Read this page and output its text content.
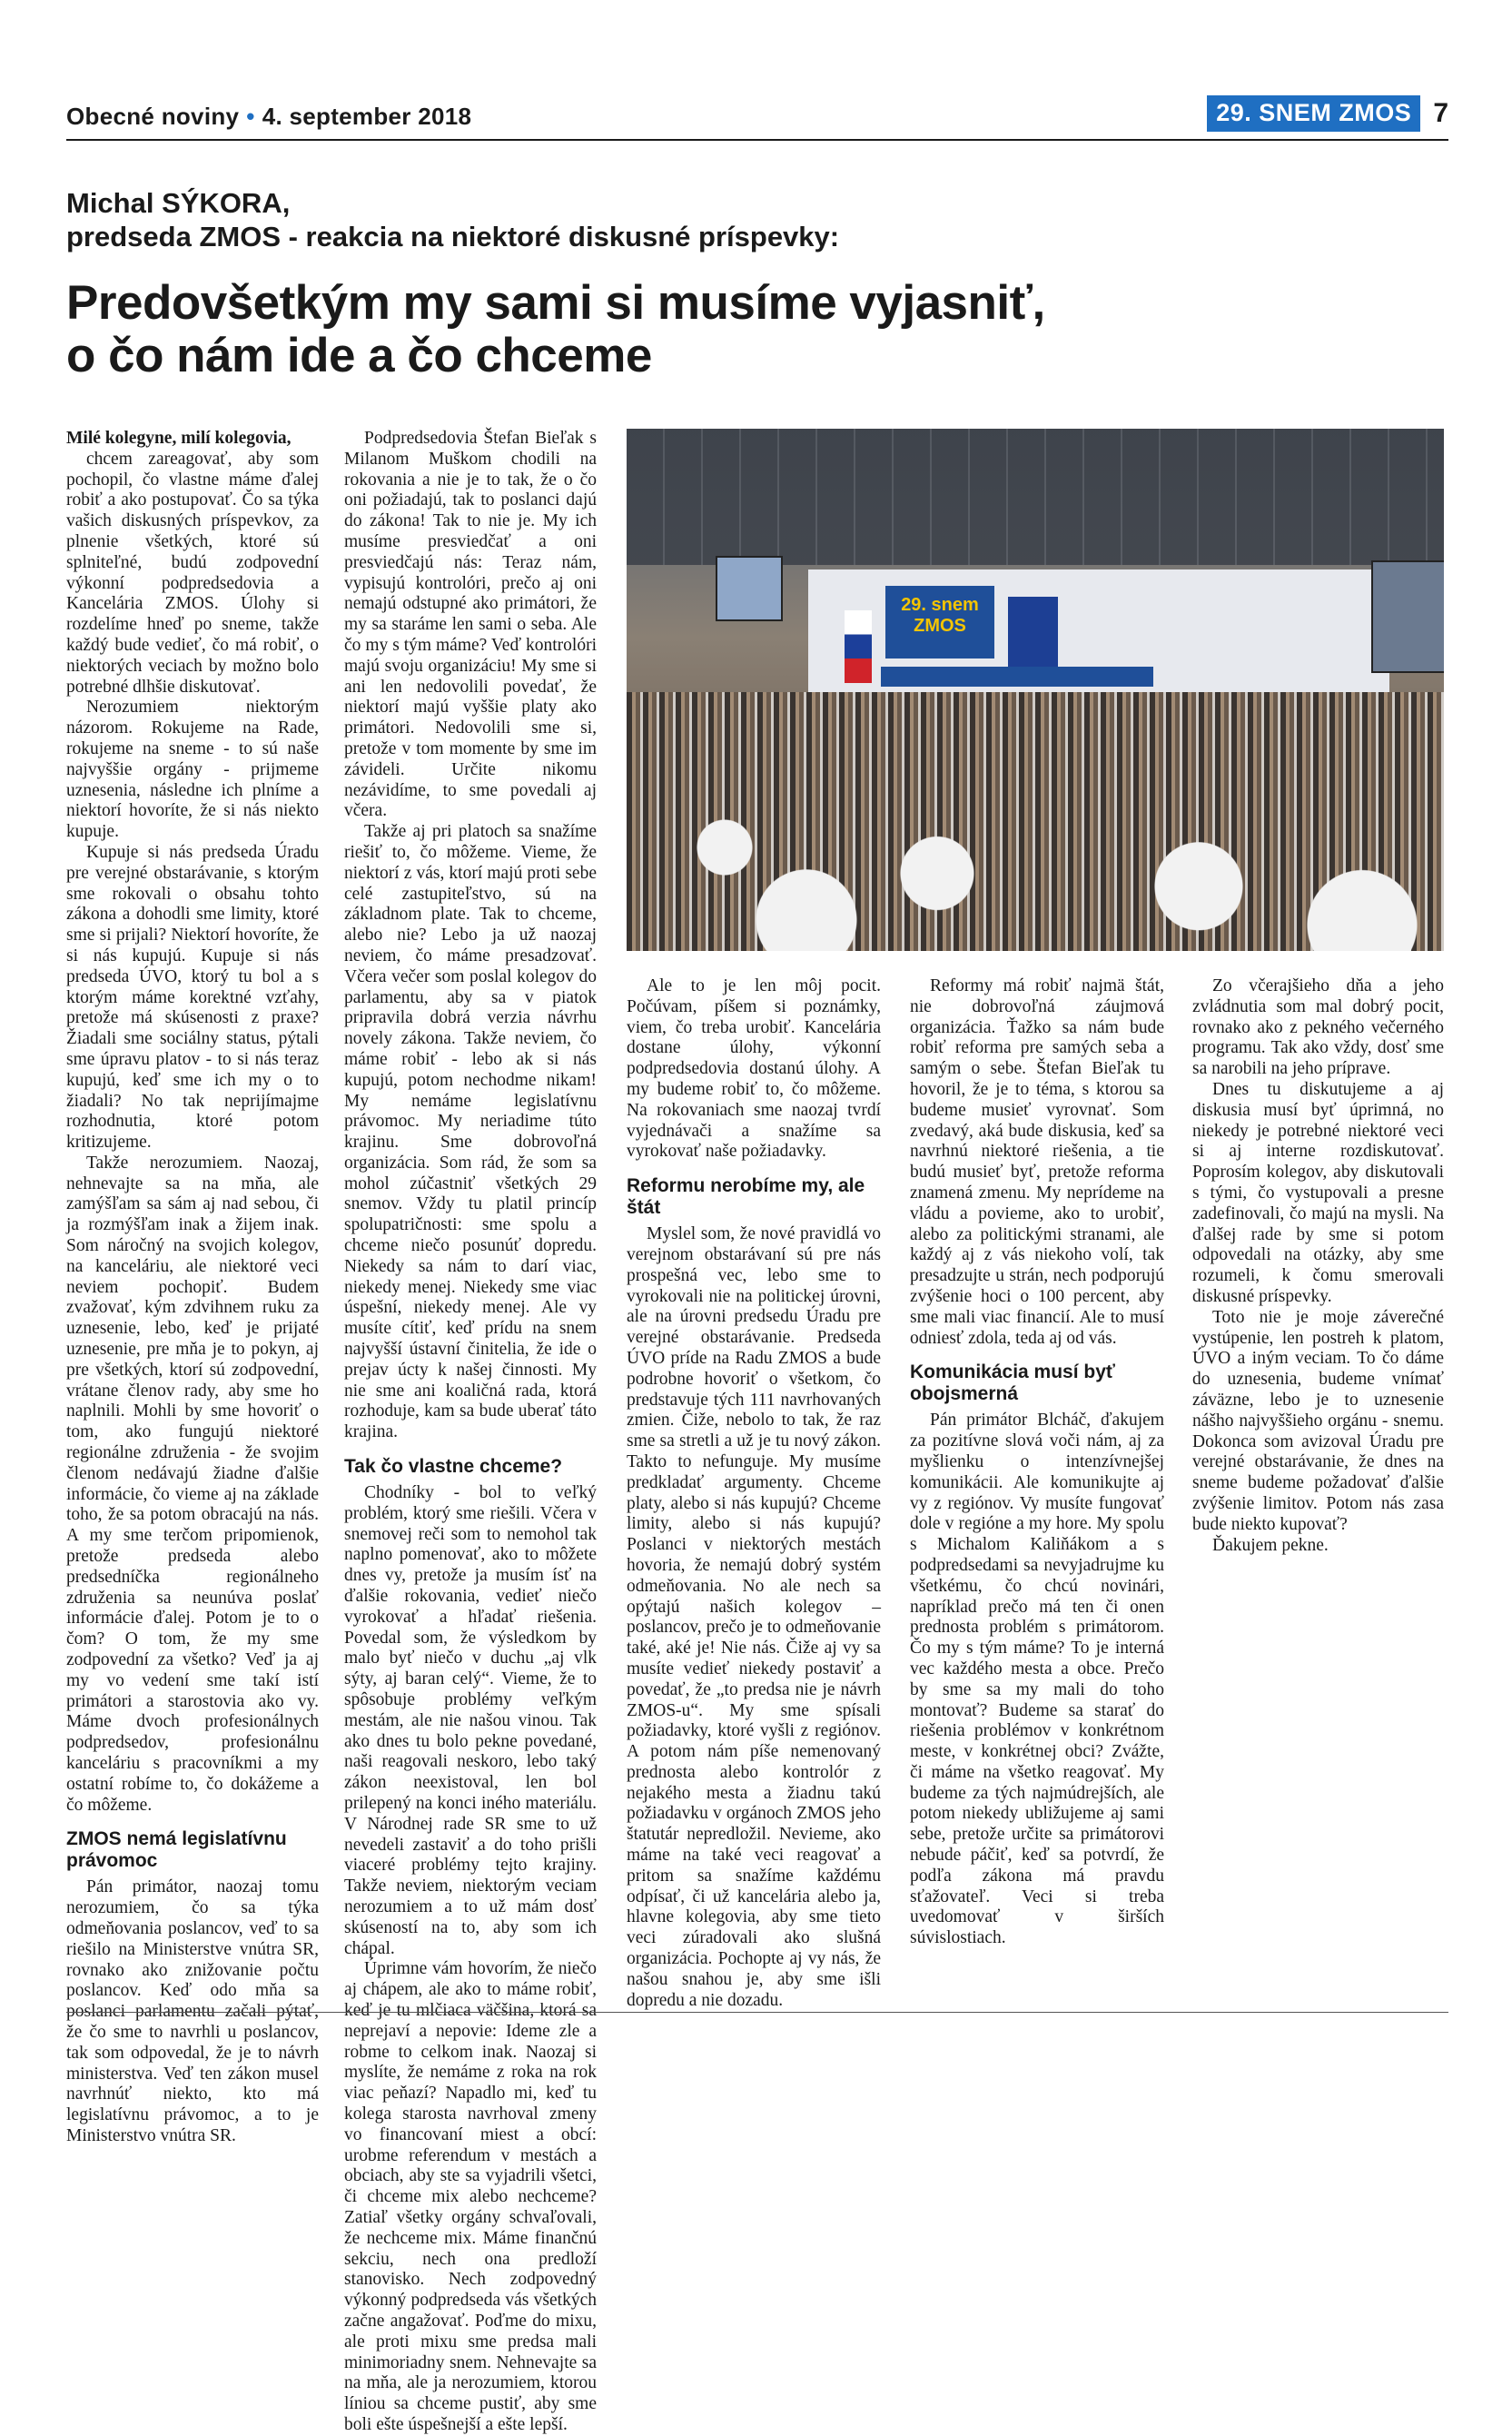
Obecné noviny • 4. september 2018	29. SNEM ZMOS 7
Michal SÝKORA,
predseda ZMOS - reakcia na niektoré diskusné príspevky:
Predovšetkým my sami si musíme vyjasniť,
o čo nám ide a čo chceme
29. snem ZMOS

Milé kolegyne, milí kolegovia,

chcem zareagovať, aby som pochopil, čo vlastne máme ďalej robiť a ako postupovať. Čo sa týka vašich diskusných príspevkov, za plnenie všetkých, ktoré sú splniteľné, budú zodpovední výkonní podpredsedovia a Kancelária ZMOS. Úlohy si rozdelíme hneď po sneme, takže každý bude vedieť, čo má robiť, o niektorých veciach by možno bolo potrebné dlhšie diskutovať.

Nerozumiem niektorým názorom. Rokujeme na Rade, rokujeme na sneme - to sú naše najvyššie orgány - prijmeme uznesenia, následne ich plníme a niektorí hovoríte, že si nás niekto kupuje.

Kupuje si nás predseda Úradu pre verejné obstarávanie, s ktorým sme rokovali o obsahu tohto zákona a dohodli sme limity, ktoré sme si prijali? Niektorí hovoríte, že si nás kupujú. Kupuje si nás predseda ÚVO, ktorý tu bol a s ktorým máme korektné vzťahy, pretože má skúsenosti z praxe? Žiadali sme sociálny status, pýtali sme úpravu platov - to si nás teraz kupujú, keď sme ich my o to žiadali? No tak neprijímajme rozhodnutia, ktoré potom kritizujeme.

Takže nerozumiem. Naozaj, nehnevajte sa na mňa, ale zamýšľam sa sám aj nad sebou, či ja rozmýšľam inak a žijem inak. Som náročný na svojich kolegov, na kanceláriu, ale niektoré veci neviem pochopiť. Budem zvažovať, kým zdvihnem ruku za uznesenie, lebo, keď je prijaté uznesenie, pre mňa je to pokyn, aj pre všetkých, ktorí sú zodpovední, vrátane členov rady, aby sme ho naplnili. Mohli by sme hovoriť o tom, ako fungujú niektoré regionálne združenia - že svojim členom nedávajú žiadne ďalšie informácie, čo vieme aj na základe toho, že sa potom obracajú na nás. A my sme terčom pripomienok, pretože predseda alebo predsedníčka regionálneho združenia sa neunúva poslať informácie ďalej. Potom je to o čom? O tom, že my sme zodpovední za všetko? Veď ja aj my vo vedení sme takí istí primátori a starostovia ako vy. Máme dvoch profesionálnych podpredsedov, profesionálnu kanceláriu s pracovníkmi a my ostatní robíme to, čo dokážeme a čo môžeme.

ZMOS nemá legislatívnu právomoc

Pán primátor, naozaj tomu nerozumiem, čo sa týka odmeňovania poslancov, veď to sa riešilo na Ministerstve vnútra SR, rovnako ako znižovanie počtu poslancov. Keď odo mňa sa poslanci parlamentu začali pýtať, že čo sme to navrhli u poslancov, tak som odpovedal, že je to návrh ministerstva. Veď ten zákon musel navrhnúť niekto, kto má legislatívnu právomoc, a to je Ministerstvo vnútra SR.

Podpredsedovia Štefan Bieľak s Milanom Muškom chodili na rokovania a nie je to tak, že o čo oni požiadajú, tak to poslanci dajú do zákona! Tak to nie je. My ich musíme presviedčať a oni presviedčajú nás: Teraz nám, vypisujú kontrolóri, prečo aj oni nemajú odstupné ako primátori, že my sa staráme len sami o seba. Ale čo my s tým máme? Veď kontrolóri majú svoju organizáciu! My sme si ani len nedovolili povedať, že niektorí majú vyššie platy ako primátori. Nedovolili sme si, pretože v tom momente by sme im závideli. Určite nikomu nezávidíme, to sme povedali aj včera.

Takže aj pri platoch sa snažíme riešiť to, čo môžeme. Vieme, že niektorí z vás, ktorí majú proti sebe celé zastupiteľstvo, sú na základnom plate. Tak to chceme, alebo nie? Lebo ja už naozaj neviem, čo máme presadzovať. Včera večer som poslal kolegov do parlamentu, aby sa v piatok pripravila dobrá verzia návrhu novely zákona. Takže neviem, čo máme robiť - lebo ak si nás kupujú, potom nechodme nikam! My nemáme legislatívnu právomoc. My neriadime túto krajinu. Sme dobrovoľná organizácia. Som rád, že som sa mohol zúčastniť všetkých 29 snemov. Vždy tu platil princíp spolupatričnosti: sme spolu a chceme niečo posunúť dopredu. Niekedy sa nám to darí viac, niekedy menej. Niekedy sme viac úspešní, niekedy menej. Ale vy musíte cítiť, keď prídu na snem najvyšší ústavní činitelia, že ide o prejav úcty k našej činnosti. My nie sme ani koaličná rada, ktorá rozhoduje, kam sa bude uberať táto krajina.

Tak čo vlastne chceme?

Chodníky - bol to veľký problém, ktorý sme riešili. Včera v snemovej reči som to nemohol tak naplno pomenovať, ako to môžete dnes vy, pretože ja musím ísť na ďalšie rokovania, vedieť niečo vyrokovať a hľadať riešenia. Povedal som, že výsledkom by malo byť niečo v duchu „aj vlk sýty, aj baran celý“. Vieme, že to spôsobuje problémy veľkým mestám, ale nie našou vinou. Tak ako dnes tu bolo pekne povedané, naši reagovali neskoro, lebo taký zákon neexistoval, len bol prilepený na konci iného materiálu. V Národnej rade SR sme to už nevedeli zastaviť a do toho prišli viaceré problémy tejto krajiny. Takže neviem, niektorým veciam nerozumiem a to už mám dosť skúseností na to, aby som ich chápal.

Úprimne vám hovorím, že niečo aj chápem, ale ako to máme robiť, keď je tu mlčiaca väčšina, ktorá sa neprejaví a nepovie: Ideme zle a robme to celkom inak. Naozaj si myslíte, že nemáme z roka na rok viac peňazí? Napadlo mi, keď tu kolega starosta navrhoval zmeny vo financovaní miest a obcí: urobme referendum v mestách a obciach, aby ste sa vyjadrili všetci, či chceme mix alebo nechceme? Zatiaľ všetky orgány schvaľovali, že nechceme mix. Máme finančnú sekciu, nech ona predloží stanovisko. Nech zodpovedný výkonný podpredseda vás všetkých začne angažovať. Poďme do mixu, ale proti mixu sme predsa mali minimoriadny snem. Nehnevajte sa na mňa, ale ja nerozumiem, ktorou líniou sa chceme pustiť, aby sme boli ešte úspešnejší a ešte lepší.

Ale to je len môj pocit. Počúvam, píšem si poznámky, viem, čo treba urobiť. Kancelária dostane úlohy, výkonní podpredsedovia dostanú úlohy. A my budeme robiť to, čo môžeme. Na rokovaniach sme naozaj tvrdí vyjednávači a snažíme sa vyrokovať naše požiadavky.

Reformu nerobíme my, ale štát

Myslel som, že nové pravidlá vo verejnom obstarávaní sú pre nás prospešná vec, lebo sme to vyrokovali nie na politickej úrovni, ale na úrovni predsedu Úradu pre verejné obstarávanie. Predseda ÚVO príde na Radu ZMOS a bude podrobne hovoriť o všetkom, čo predstavuje tých 111 navrhovaných zmien. Čiže, nebolo to tak, že raz sme sa stretli a už je tu nový zákon. Takto to nefunguje. My musíme predkladať argumenty. Chceme platy, alebo si nás kupujú? Chceme limity, alebo si nás kupujú? Poslanci v niektorých mestách hovoria, že nemajú dobrý systém odmeňovania. No ale nech sa opýtajú našich kolegov – poslancov, prečo je to odmeňovanie také, aké je! Nie nás. Čiže aj vy sa musíte vedieť niekedy postaviť a povedať, že „to predsa nie je návrh ZMOS-u“. My sme spísali požiadavky, ktoré vyšli z regiónov. A potom nám píše nemenovaný prednosta alebo kontrolór z nejakého mesta a žiadnu takú požiadavku v orgánoch ZMOS jeho štatutár nepredložil. Nevieme, ako máme na také veci reagovať a pritom sa snažíme každému odpísať, či už kancelária alebo ja, hlavne kolegovia, aby sme tieto veci zúradovali ako slušná organizácia. Pochopte aj vy nás, že našou snahou je, aby sme išli dopredu a nie dozadu.

Reformy má robiť najmä štát, nie dobrovoľná záujmová organizácia. Ťažko sa nám bude robiť reforma pre samých seba a samým o sebe. Štefan Bieľak tu hovoril, že je to téma, s ktorou sa budeme musieť vyrovnať. Som zvedavý, aká bude diskusia, keď sa navrhnú niektoré riešenia, a tie budú musieť byť, pretože reforma znamená zmenu. My neprídeme na vládu a povieme, ako to urobiť, alebo za politickými stranami, ale každý aj z vás niekoho volí, tak presadzujte u strán, nech podporujú zvýšenie hoci o 100 percent, aby sme mali viac financií. Ale to musí odniesť zdola, teda aj od vás.

Komunikácia musí byť obojsmerná

Pán primátor Blcháč, ďakujem za pozitívne slová voči nám, aj za myšlienku o intenzívnejšej komunikácii. Ale komunikujte aj vy z regiónov. Vy musíte fungovať dole v regióne a my hore. My spolu s Michalom Kaliňákom a s podpredsedami sa nevyjadrujme ku všetkému, čo chcú novinári, napríklad prečo má ten či onen prednosta problém s primátorom. Čo my s tým máme? To je interná vec každého mesta a obce. Prečo by sme sa my mali do toho montovať? Budeme sa starať do riešenia problémov v konkrétnom meste, v konkrétnej obci? Zvážte, či máme na všetko reagovať. My budeme za tých najmúdrejších, ale potom niekedy ubližujeme aj sami sebe, pretože určite sa primátorovi nebude páčiť, keď sa potvrdí, že podľa zákona má pravdu sťažovateľ. Veci si treba uvedomovať v širších súvislostiach.

Zo včerajšieho dňa a jeho zvládnutia som mal dobrý pocit, rovnako ako z pekného večerného programu. Tak ako vždy, dosť sme sa narobili na jeho príprave.

Dnes tu diskutujeme a aj diskusia musí byť úprimná, no niekedy je potrebné niektoré veci si aj interne rozdiskutovať. Poprosím kolegov, aby diskutovali s tými, čo vystupovali a presne zadefinovali, čo majú na mysli. Na ďalšej rade by sme si potom odpovedali na otázky, aby sme rozumeli, k čomu smerovali diskusné príspevky.

Toto nie je moje záverečné vystúpenie, len postreh k platom, ÚVO a iným veciam. To čo dáme do uznesenia, budeme vnímať záväzne, lebo je to uznesenie nášho najvyššieho orgánu - snemu. Dokonca som avizoval Úradu pre verejné obstarávanie, že dnes na sneme budeme požadovať ďalšie zvýšenie limitov. Potom nás zasa bude niekto kupovať?

Ďakujem pekne.
